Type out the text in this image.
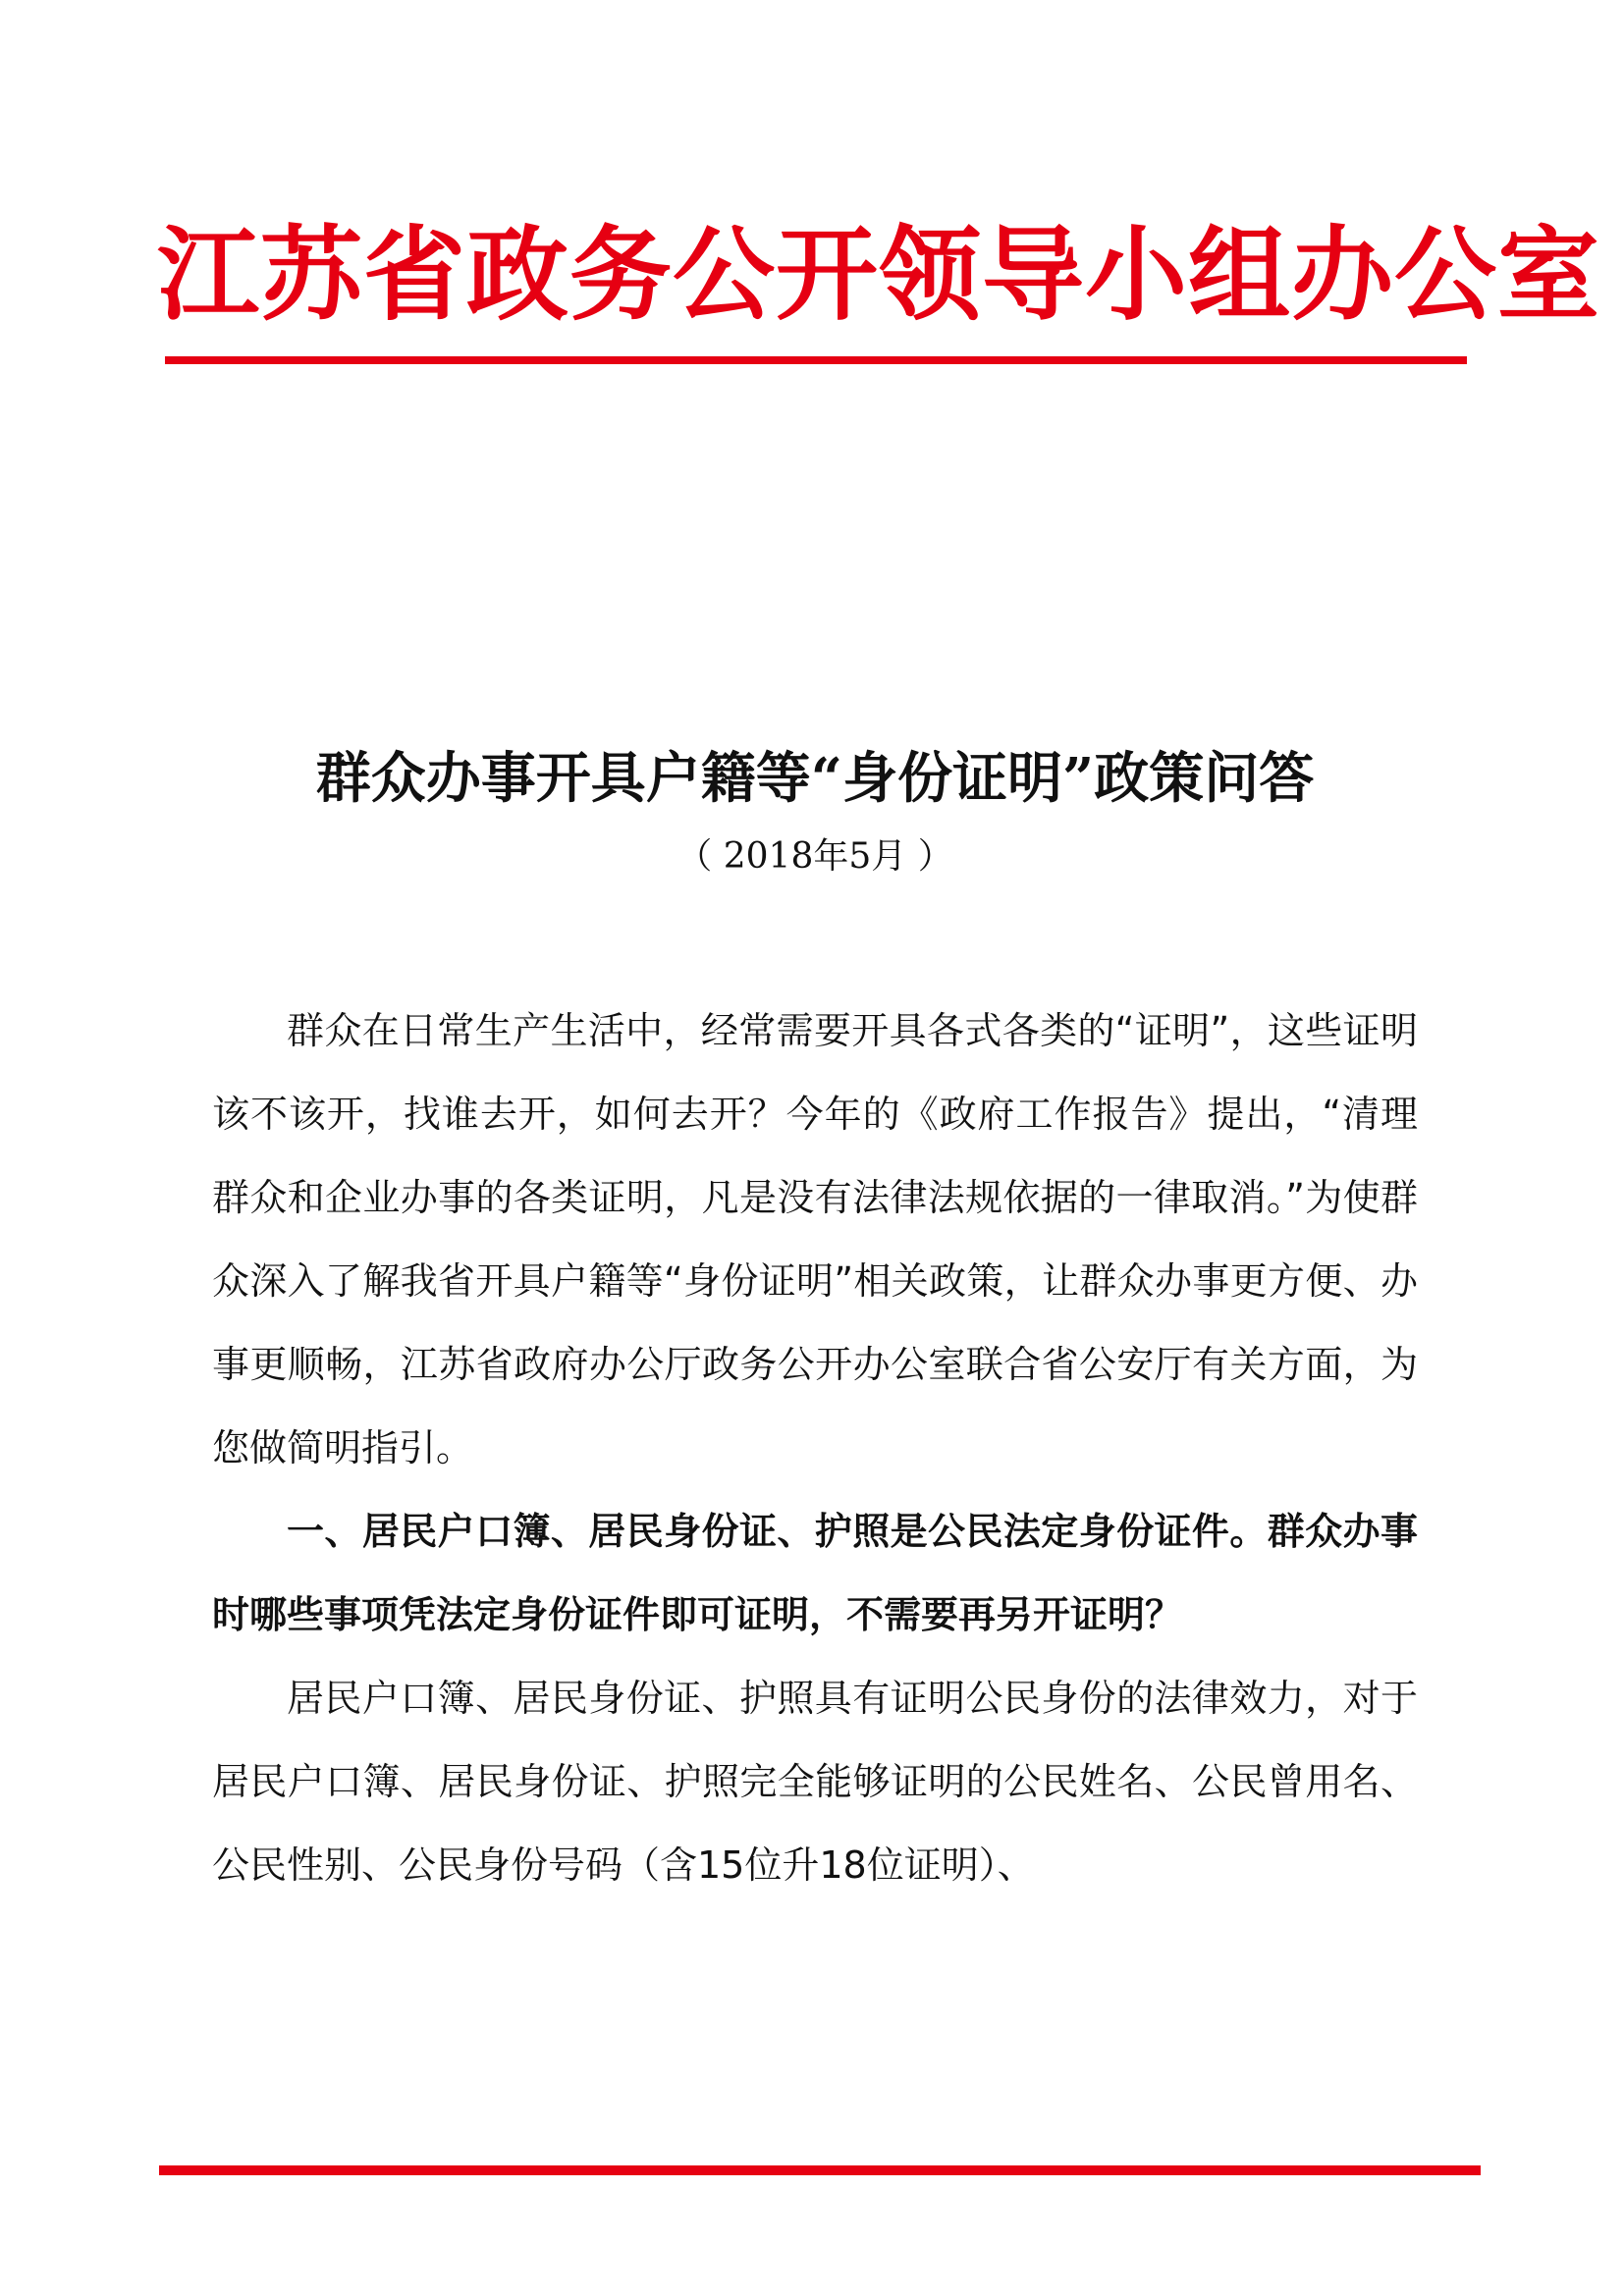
江苏省政务公开领导小组办公室
群众办事开具户籍等“身份证明”政策问答
（ 2018年5月 ）

群众在日常生产生活中，经常需要开具各式各类的“证明”，这些证明该不该开，找谁去开，如何去开？今年的《政府工作报告》提出，“清理群众和企业办事的各类证明，凡是没有法律法规依据的一律取消。”为使群众深入了解我省开具户籍等“身份证明”相关政策，让群众办事更方便、办事更顺畅，江苏省政府办公厅政务公开办公室联合省公安厅有关方面，为您做简明指引。

一、居民户口簿、居民身份证、护照是公民法定身份证件。群众办事时哪些事项凭法定身份证件即可证明，不需要再另开证明？

居民户口簿、居民身份证、护照具有证明公民身份的法律效力，对于居民户口簿、居民身份证、护照完全能够证明的公民姓名、公民曾用名、公民性别、公民身份号码（含15位升18位证明）、
